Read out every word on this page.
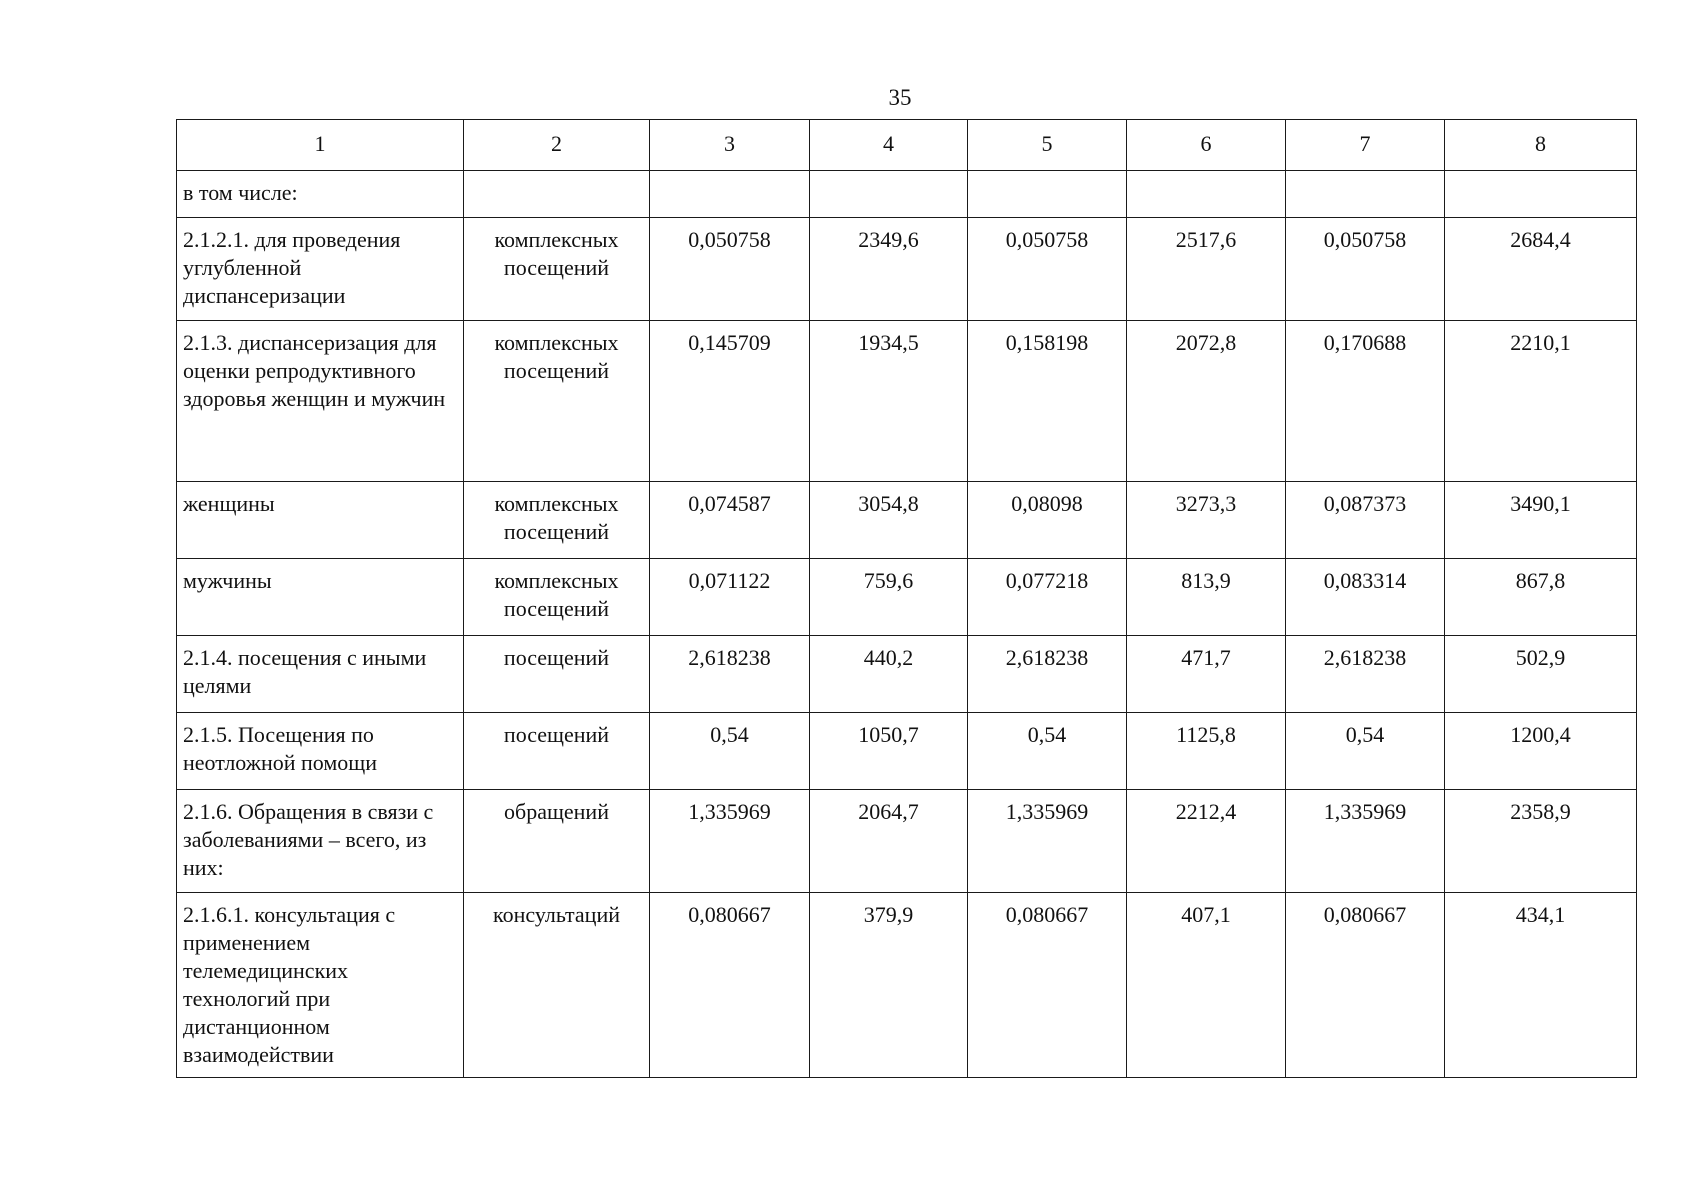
35
1	2	3	4	5	6	7	8
в том числе:							
2.1.2.1. для проведения углубленной диспансеризации	комплексных посещений	0,050758	2349,6	0,050758	2517,6	0,050758	2684,4
2.1.3. диспансеризация для оценки репродуктивного здоровья женщин и мужчин	комплексных посещений	0,145709	1934,5	0,158198	2072,8	0,170688	2210,1
женщины	комплексных посещений	0,074587	3054,8	0,08098	3273,3	0,087373	3490,1
мужчины	комплексных посещений	0,071122	759,6	0,077218	813,9	0,083314	867,8
2.1.4. посещения с иными целями	посещений	2,618238	440,2	2,618238	471,7	2,618238	502,9
2.1.5. Посещения по неотложной помощи	посещений	0,54	1050,7	0,54	1125,8	0,54	1200,4
2.1.6. Обращения в связи с заболеваниями – всего, из них:	обращений	1,335969	2064,7	1,335969	2212,4	1,335969	2358,9
2.1.6.1. консультация с применением телемедицинских технологий при дистанционном взаимодействии	консультаций	0,080667	379,9	0,080667	407,1	0,080667	434,1
